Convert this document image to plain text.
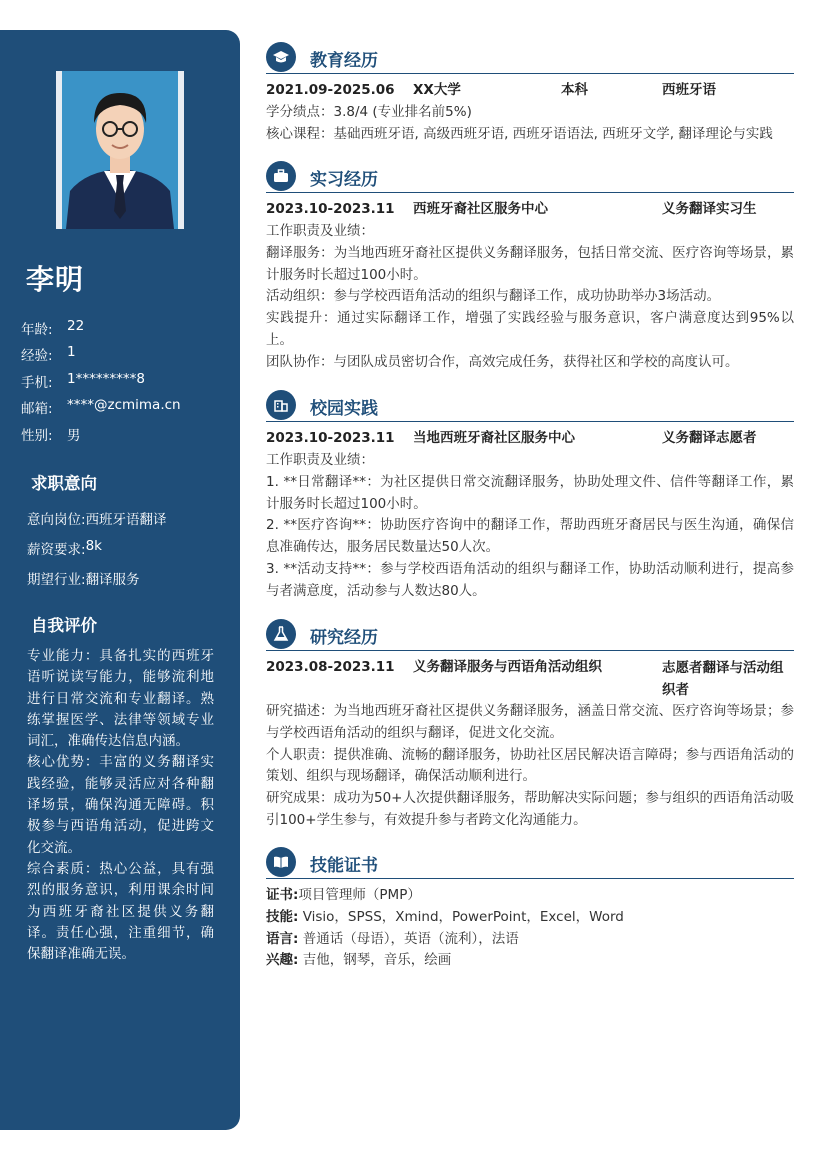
李明
年龄:	22
经验:	1
手机:	1*********8
邮箱:	****@zcmima.cn
性别:	男
求职意向
意向岗位: 西班牙语翻译
薪资要求: 8k
期望行业: 翻译服务
自我评价
专业能力：具备扎实的西班牙语听说读写能力，能够流利地进行日常交流和专业翻译。熟练掌握医学、法律等领域专业词汇，准确传达信息内涵。
核心优势：丰富的义务翻译实践经验，能够灵活应对各种翻译场景，确保沟通无障碍。积极参与西语角活动，促进跨文化交流。
综合素质：热心公益，具有强烈的服务意识，利用课余时间为西班牙裔社区提供义务翻译。责任心强，注重细节，确保翻译准确无误。
教育经历
2021.09-2025.06 XX大学	本科	西班牙语
学分绩点：3.8/4 (专业排名前5%)
核心课程：基础西班牙语, 高级西班牙语, 西班牙语语法, 西班牙文学, 翻译理论与实践
实习经历
2023.10-2023.11 西班牙裔社区服务中心	义务翻译实习生
工作职责及业绩：
翻译服务：为当地西班牙裔社区提供义务翻译服务，包括日常交流、医疗咨询等场景，累计服务时长超过100小时。
活动组织：参与学校西语角活动的组织与翻译工作，成功协助举办3场活动。
实践提升：通过实际翻译工作，增强了实践经验与服务意识，客户满意度达到95%以上。
团队协作：与团队成员密切合作，高效完成任务，获得社区和学校的高度认可。
校园实践
2023.10-2023.11 当地西班牙裔社区服务中心	义务翻译志愿者
工作职责及业绩：
1. **日常翻译**：为社区提供日常交流翻译服务，协助处理文件、信件等翻译工作，累计服务时长超过100小时。
2. **医疗咨询**：协助医疗咨询中的翻译工作，帮助西班牙裔居民与医生沟通，确保信息准确传达，服务居民数量达50人次。
3. **活动支持**：参与学校西语角活动的组织与翻译工作，协助活动顺利进行，提高参与者满意度，活动参与人数达80人。
研究经历
2023.08-2023.11 义务翻译服务与西语角活动组织	志愿者翻译与活动组织者
研究描述：为当地西班牙裔社区提供义务翻译服务，涵盖日常交流、医疗咨询等场景；参与学校西语角活动的组织与翻译，促进文化交流。
个人职责：提供准确、流畅的翻译服务，协助社区居民解决语言障碍；参与西语角活动的策划、组织与现场翻译，确保活动顺利进行。
研究成果：成功为50+人次提供翻译服务，帮助解决实际问题；参与组织的西语角活动吸引100+学生参与，有效提升参与者跨文化沟通能力。
技能证书
证书:项目管理师（PMP）
技能: Visio，SPSS，Xmind，PowerPoint，Excel，Word
语言: 普通话（母语），英语（流利），法语
兴趣: 吉他，钢琴，音乐，绘画
